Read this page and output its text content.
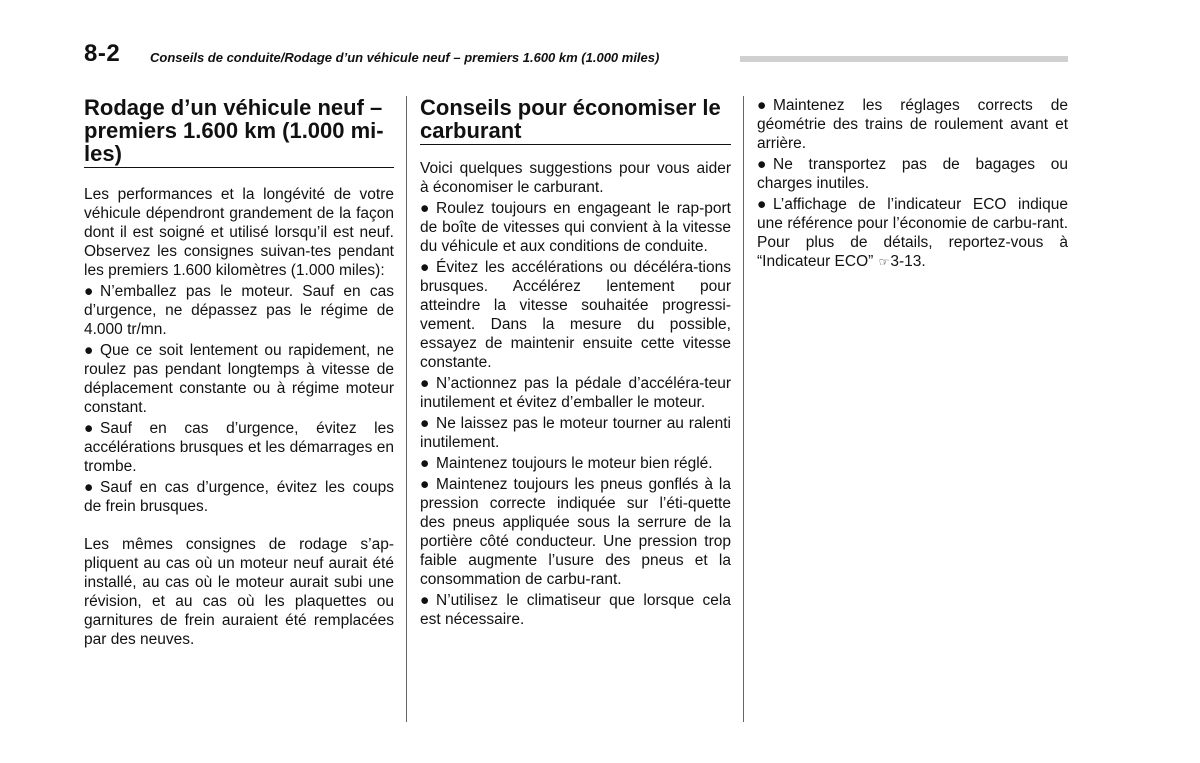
8-2 Conseils de conduite/Rodage d’un véhicule neuf – premiers 1.600 km (1.000 miles)
Rodage d’un véhicule neuf – premiers 1.600 km (1.000 mi-les)

Les performances et la longévité de votre véhicule dépendront grandement de la façon dont il est soigné et utilisé lorsqu’il est neuf. Observez les consignes suivan-tes pendant les premiers 1.600 kilomètres (1.000 miles):

● N’emballez pas le moteur. Sauf en cas d’urgence, ne dépassez pas le régime de 4.000 tr/mn.

● Que ce soit lentement ou rapidement, ne roulez pas pendant longtemps à vitesse de déplacement constante ou à régime moteur constant.

● Sauf en cas d’urgence, évitez les accélérations brusques et les démarrages en trombe.

● Sauf en cas d’urgence, évitez les coups de frein brusques.

Les mêmes consignes de rodage s’ap-pliquent au cas où un moteur neuf aurait été installé, au cas où le moteur aurait subi une révision, et au cas où les plaquettes ou garnitures de frein auraient été remplacées par des neuves.

Conseils pour économiser le carburant

Voici quelques suggestions pour vous aider à économiser le carburant.

● Roulez toujours en engageant le rap-port de boîte de vitesses qui convient à la vitesse du véhicule et aux conditions de conduite.

● Évitez les accélérations ou décéléra-tions brusques. Accélérez lentement pour atteindre la vitesse souhaitée progressi-vement. Dans la mesure du possible, essayez de maintenir ensuite cette vitesse constante.

● N’actionnez pas la pédale d’accéléra-teur inutilement et évitez d’emballer le moteur.

● Ne laissez pas le moteur tourner au ralenti inutilement.

● Maintenez toujours le moteur bien réglé.

● Maintenez toujours les pneus gonflés à la pression correcte indiquée sur l’éti-quette des pneus appliquée sous la serrure de la portière côté conducteur. Une pression trop faible augmente l’usure des pneus et la consommation de carbu-rant.

● N’utilisez le climatiseur que lorsque cela est nécessaire.

● Maintenez les réglages corrects de géométrie des trains de roulement avant et arrière.

● Ne transportez pas de bagages ou charges inutiles.

● L’affichage de l’indicateur ECO indique une référence pour l’économie de carbu-rant. Pour plus de détails, reportez-vous à “Indicateur ECO” ☞3-13.
